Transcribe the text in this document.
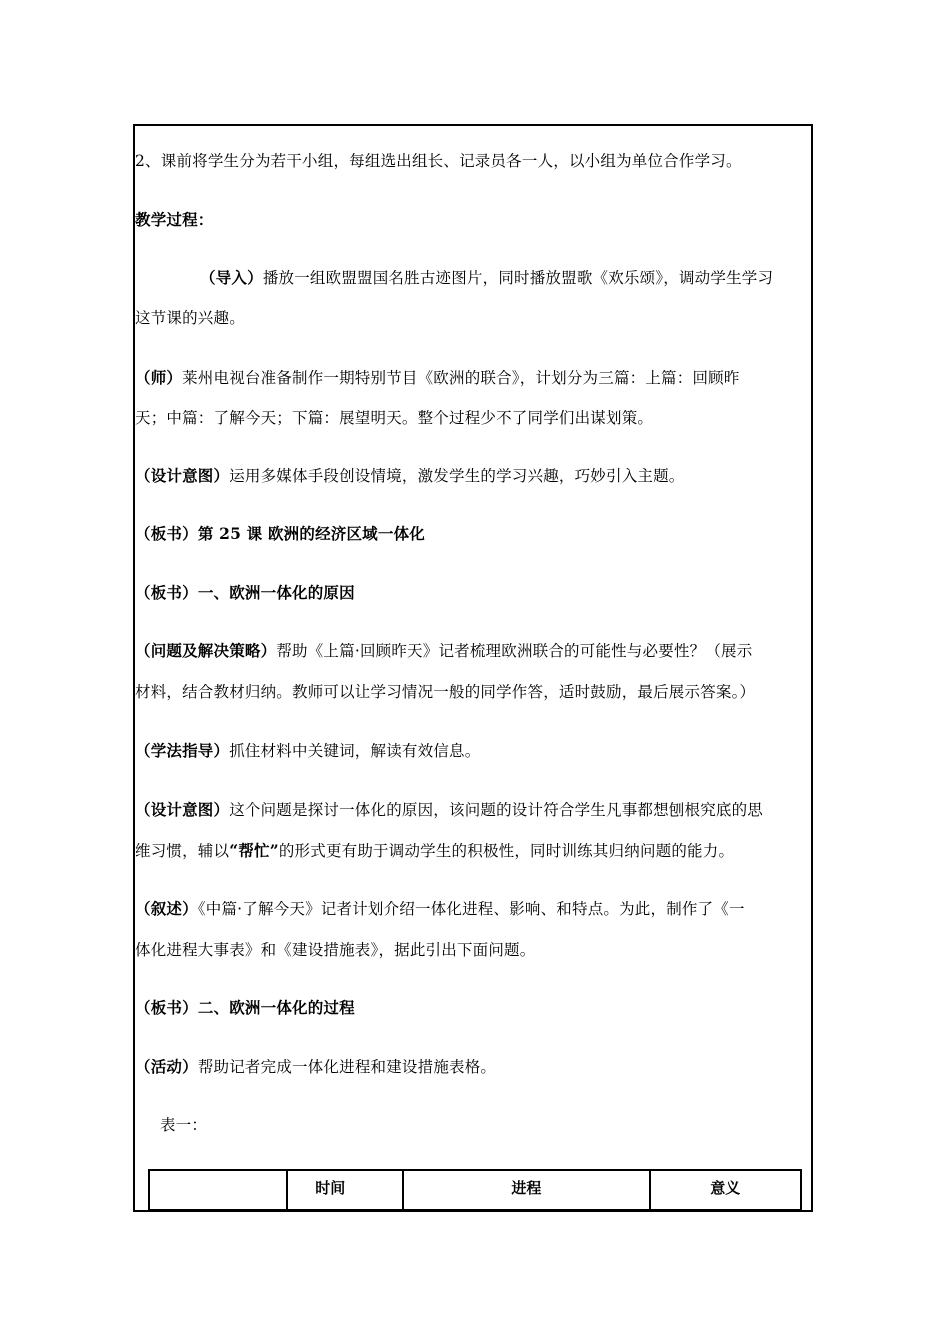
2、课前将学生分为若干小组，每组选出组长、记录员各一人，以小组为单位合作学习。
教学过程：
（导入）播放一组欧盟盟国名胜古迹图片，同时播放盟歌《欢乐颂》，调动学生学习
这节课的兴趣。
（师）莱州电视台准备制作一期特别节目《欧洲的联合》，计划分为三篇：上篇：回顾昨
天；中篇：了解今天；下篇：展望明天。整个过程少不了同学们出谋划策。
（设计意图）运用多媒体手段创设情境，激发学生的学习兴趣，巧妙引入主题。
（板书）第 25 课 欧洲的经济区域一体化
（板书）一、欧洲一体化的原因
（问题及解决策略）帮助《上篇·回顾昨天》记者梳理欧洲联合的可能性与必要性？（展示
材料，结合教材归纳。教师可以让学习情况一般的同学作答，适时鼓励，最后展示答案。）
（学法指导）抓住材料中关键词，解读有效信息。
（设计意图）这个问题是探讨一体化的原因，该问题的设计符合学生凡事都想刨根究底的思
维习惯，辅以“帮忙”的形式更有助于调动学生的积极性，同时训练其归纳问题的能力。
（叙述）《中篇·了解今天》记者计划介绍一体化进程、影响、和特点。为此，制作了《一
体化进程大事表》和《建设措施表》，据此引出下面问题。
（板书）二、欧洲一体化的过程
（活动）帮助记者完成一体化进程和建设措施表格。
表一：
	时间	进程	意义
